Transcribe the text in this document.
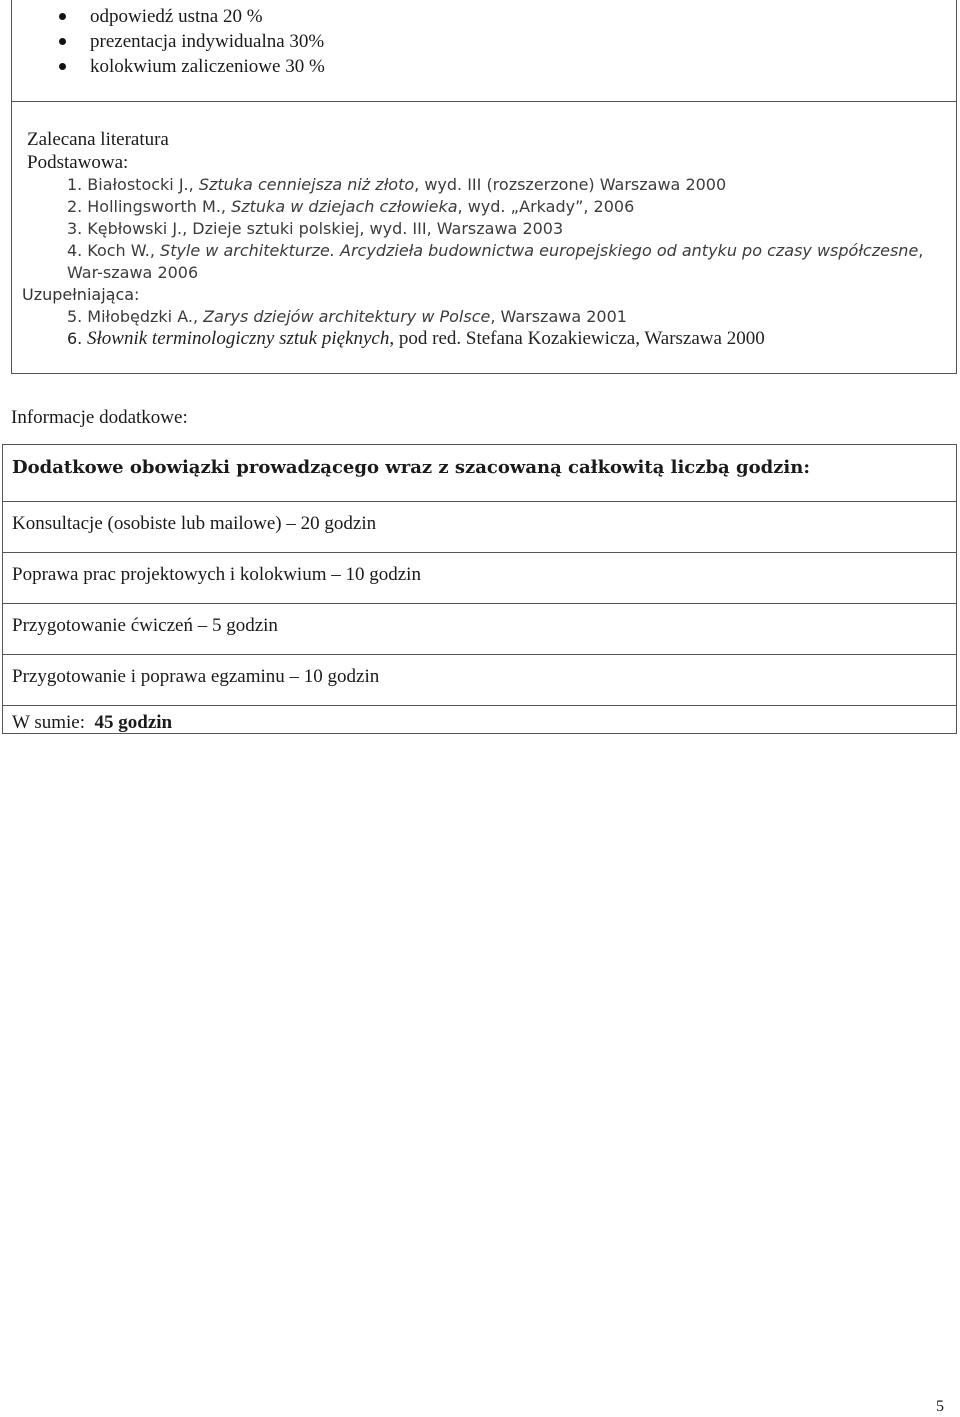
odpowiedź ustna 20 %
prezentacja indywidualna 30%
kolokwium zaliczeniowe 30 %
Zalecana literatura
Podstawowa:
1. Białostocki J., Sztuka cenniejsza niż złoto, wyd. III (rozszerzone) Warszawa 2000
2. Hollingsworth M., Sztuka w dziejach człowieka, wyd. „Arkady”, 2006
3. Kębłowski J., Dzieje sztuki polskiej, wyd. III, Warszawa 2003
4. Koch W., Style w architekturze. Arcydzieła budownictwa europejskiego od antyku po czasy współczesne, War-szawa 2006
Uzupełniająca:
5. Miłobędzki A., Zarys dziejów architektury w Polsce, Warszawa 2001
6. Słownik terminologiczny sztuk pięknych, pod red. Stefana Kozakiewicza, Warszawa 2000
Informacje dodatkowe:
Dodatkowe obowiązki prowadzącego wraz z szacowaną całkowitą liczbą godzin:
Konsultacje (osobiste lub mailowe) – 20 godzin
Poprawa prac projektowych i kolokwium – 10 godzin
Przygotowanie ćwiczeń – 5 godzin
Przygotowanie i poprawa egzaminu – 10 godzin
W sumie: 45 godzin
5
